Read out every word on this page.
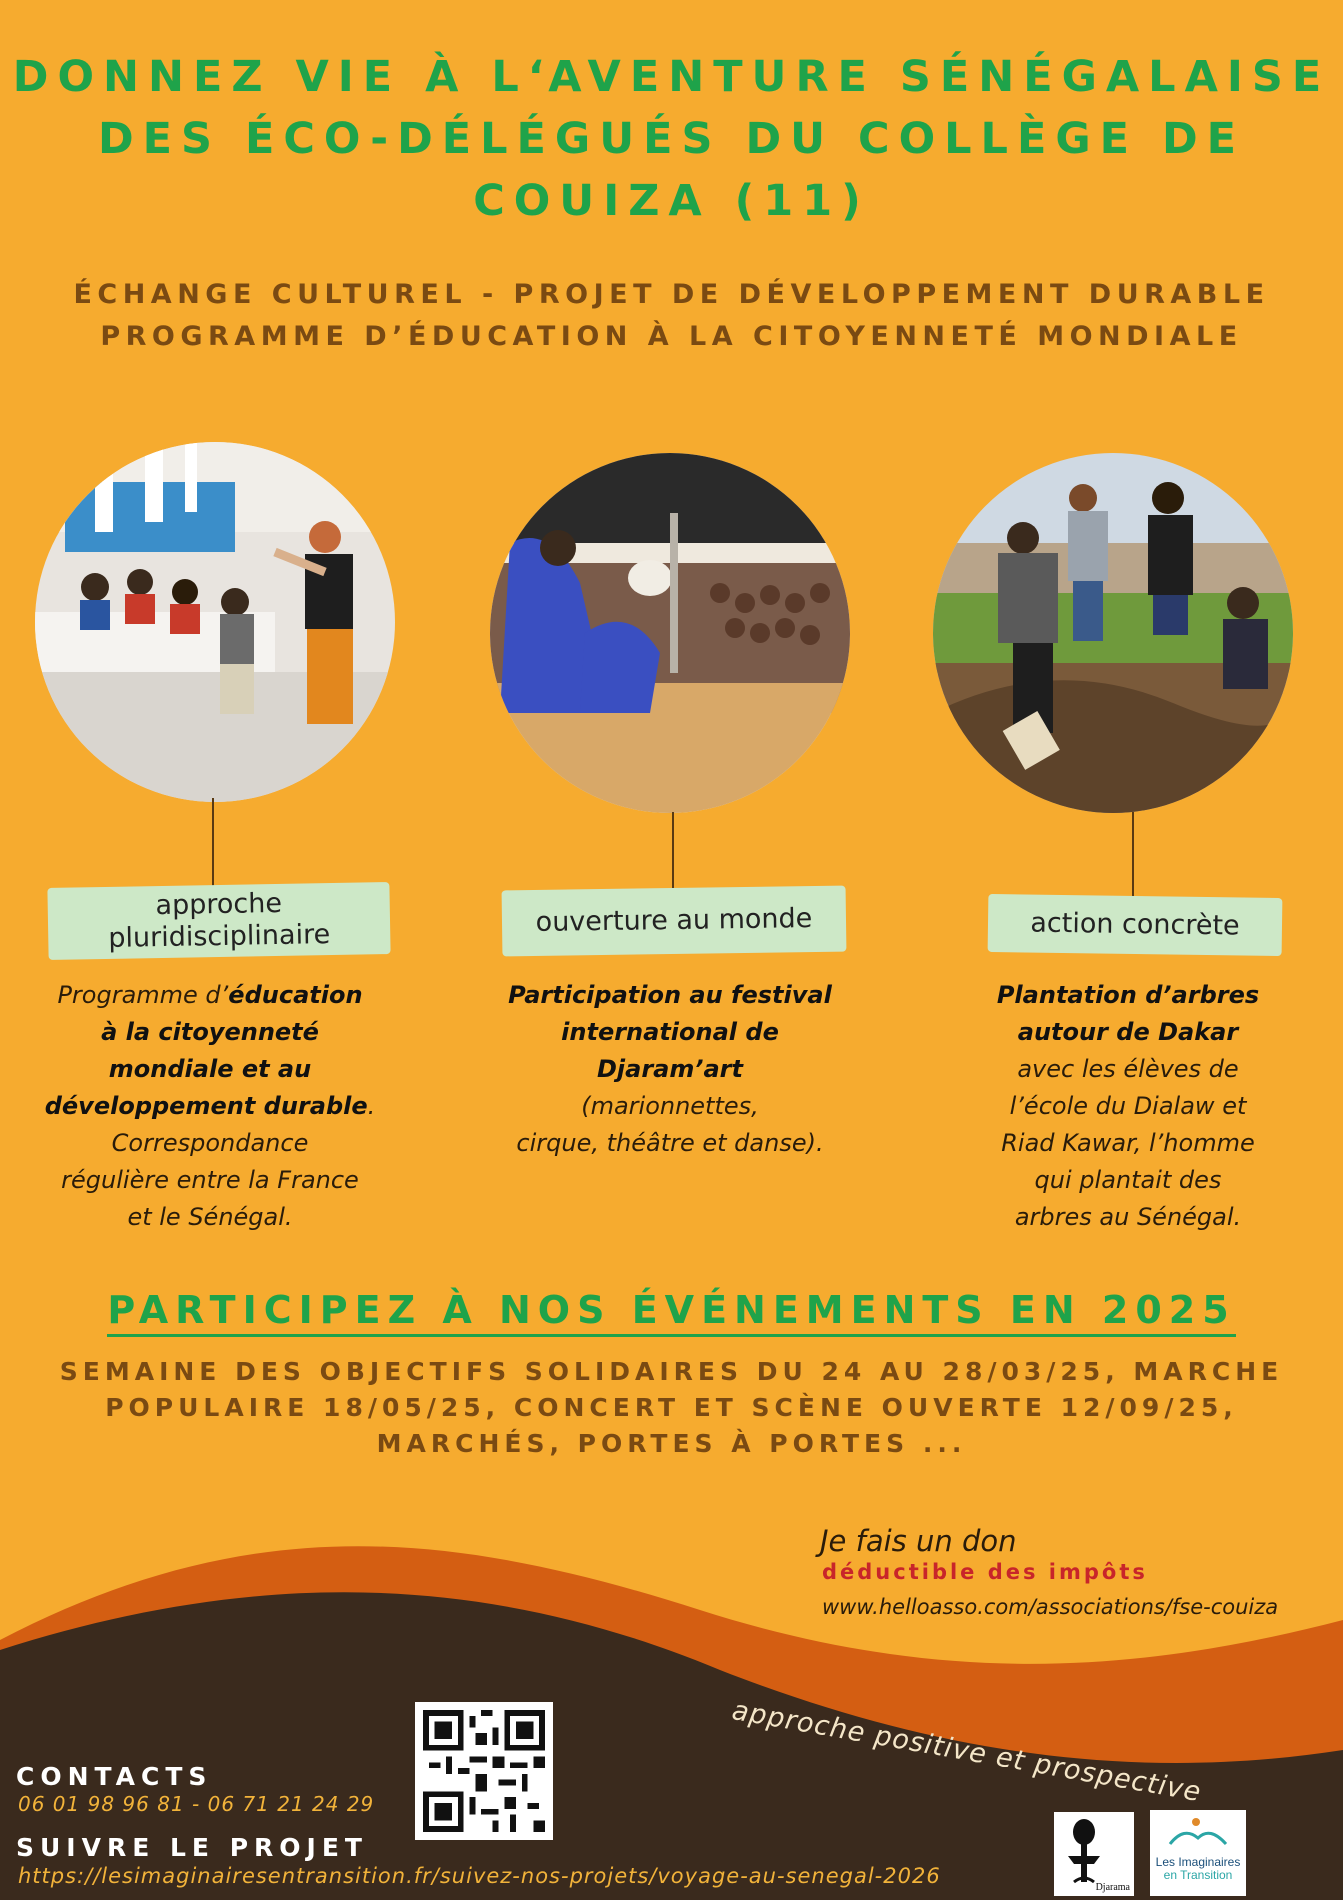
DONNEZ VIE À L‘AVENTURE SÉNÉGALAISE
DES ÉCO-DÉLÉGUÉS DU COLLÈGE DE
COUIZA (11)
ÉCHANGE CULTUREL - PROJET DE DÉVELOPPEMENT DURABLE
PROGRAMME D’ÉDUCATION À LA CITOYENNETÉ MONDIALE
approche
pluridisciplinaire	ouverture au monde	action concrète
Programme d’éducation
à la citoyenneté
mondiale et au
développement durable.
Correspondance
régulière entre la France
et le Sénégal.
Participation au festival
international de
Djaram’art
(marionnettes,
cirque, théâtre et danse).
Plantation d’arbres
autour de Dakar
avec les élèves de
l’école du Dialaw et
Riad Kawar, l’homme
qui plantait des
arbres au Sénégal.
PARTICIPEZ À NOS ÉVÉNEMENTS EN 2025
SEMAINE DES OBJECTIFS SOLIDAIRES DU 24 AU 28/03/25, MARCHE
POPULAIRE 18/05/25, CONCERT ET SCÈNE OUVERTE 12/09/25,
MARCHÉS, PORTES À PORTES ...
approche positive et prospective
Je fais un don
déductible des impôts
www.helloasso.com/associations/fse-couiza
CONTACTS
06 01 98 96 81 - 06 71 21 24 29
SUIVRE LE PROJET
https://lesimaginairesentransition.fr/suivez-nos-projets/voyage-au-senegal-2026	Djarama
Les Imaginaires
en Transition
